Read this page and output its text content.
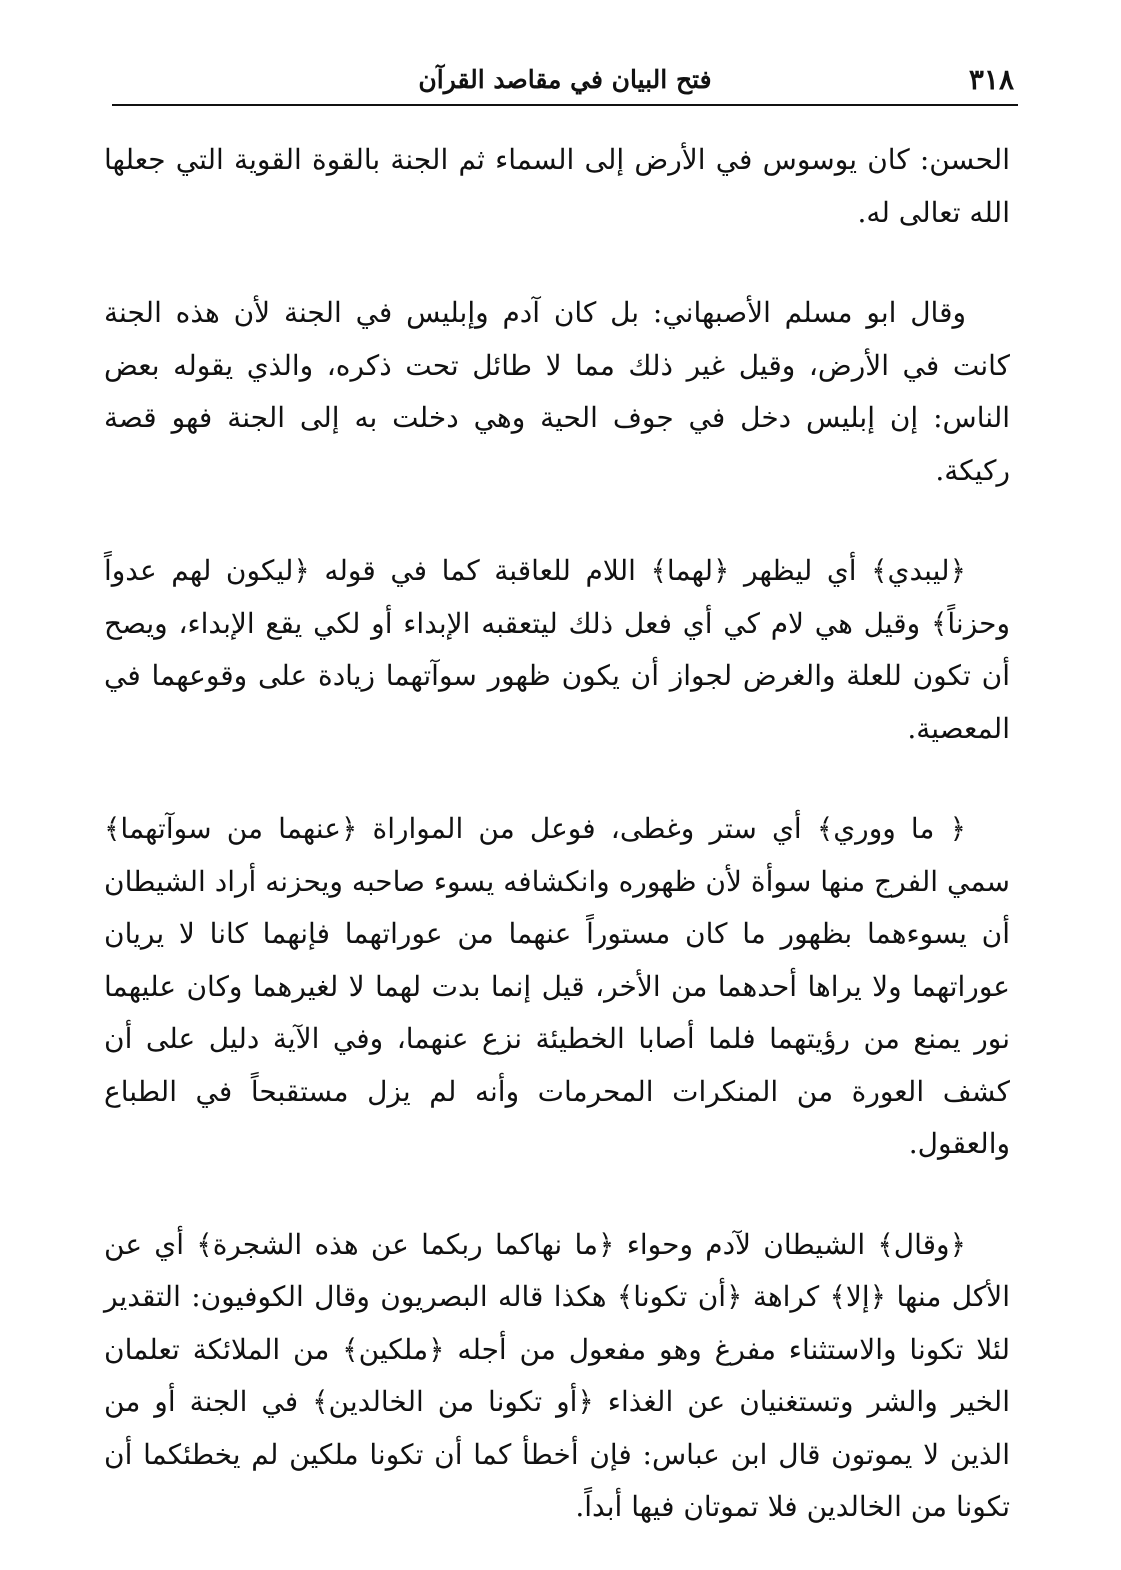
٣١٨
فتح البيان في مقاصد القرآن

الحسن: كان يوسوس في الأرض إلى السماء ثم الجنة بالقوة القوية التي جعلها الله تعالى له.

وقال ابو مسلم الأصبهاني: بل كان آدم وإبليس في الجنة لأن هذه الجنة كانت في الأرض، وقيل غير ذلك مما لا طائل تحت ذكره، والذي يقوله بعض الناس: إن إبليس دخل في جوف الحية وهي دخلت به إلى الجنة فهو قصة ركيكة.

﴿ليبدي﴾ أي ليظهر ﴿لهما﴾ اللام للعاقبة كما في قوله ﴿ليكون لهم عدواً وحزناً﴾ وقيل هي لام كي أي فعل ذلك ليتعقبه الإبداء أو لكي يقع الإبداء، ويصح أن تكون للعلة والغرض لجواز أن يكون ظهور سوآتهما زيادة على وقوعهما في المعصية.

﴿ ما ووري﴾ أي ستر وغطى، فوعل من المواراة ﴿عنهما من سوآتهما﴾ سمي الفرج منها سوأة لأن ظهوره وانكشافه يسوء صاحبه ويحزنه أراد الشيطان أن يسوءهما بظهور ما كان مستوراً عنهما من عوراتهما فإنهما كانا لا يريان عوراتهما ولا يراها أحدهما من الأخر، قيل إنما بدت لهما لا لغيرهما وكان عليهما نور يمنع من رؤيتهما فلما أصابا الخطيئة نزع عنهما، وفي الآية دليل على أن كشف العورة من المنكرات المحرمات وأنه لم يزل مستقبحاً في الطباع والعقول.

﴿وقال﴾ الشيطان لآدم وحواء ﴿ما نهاكما ربكما عن هذه الشجرة﴾ أي عن الأكل منها ﴿إلا﴾ كراهة ﴿أن تكونا﴾ هكذا قاله البصريون وقال الكوفيون: التقدير لئلا تكونا والاستثناء مفرغ وهو مفعول من أجله ﴿ملكين﴾ من الملائكة تعلمان الخير والشر وتستغنيان عن الغذاء ﴿أو تكونا من الخالدين﴾ في الجنة أو من الذين لا يموتون قال ابن عباس: فإن أخطأ كما أن تكونا ملكين لم يخطئكما أن تكونا من الخالدين فلا تموتان فيها أبداً.
